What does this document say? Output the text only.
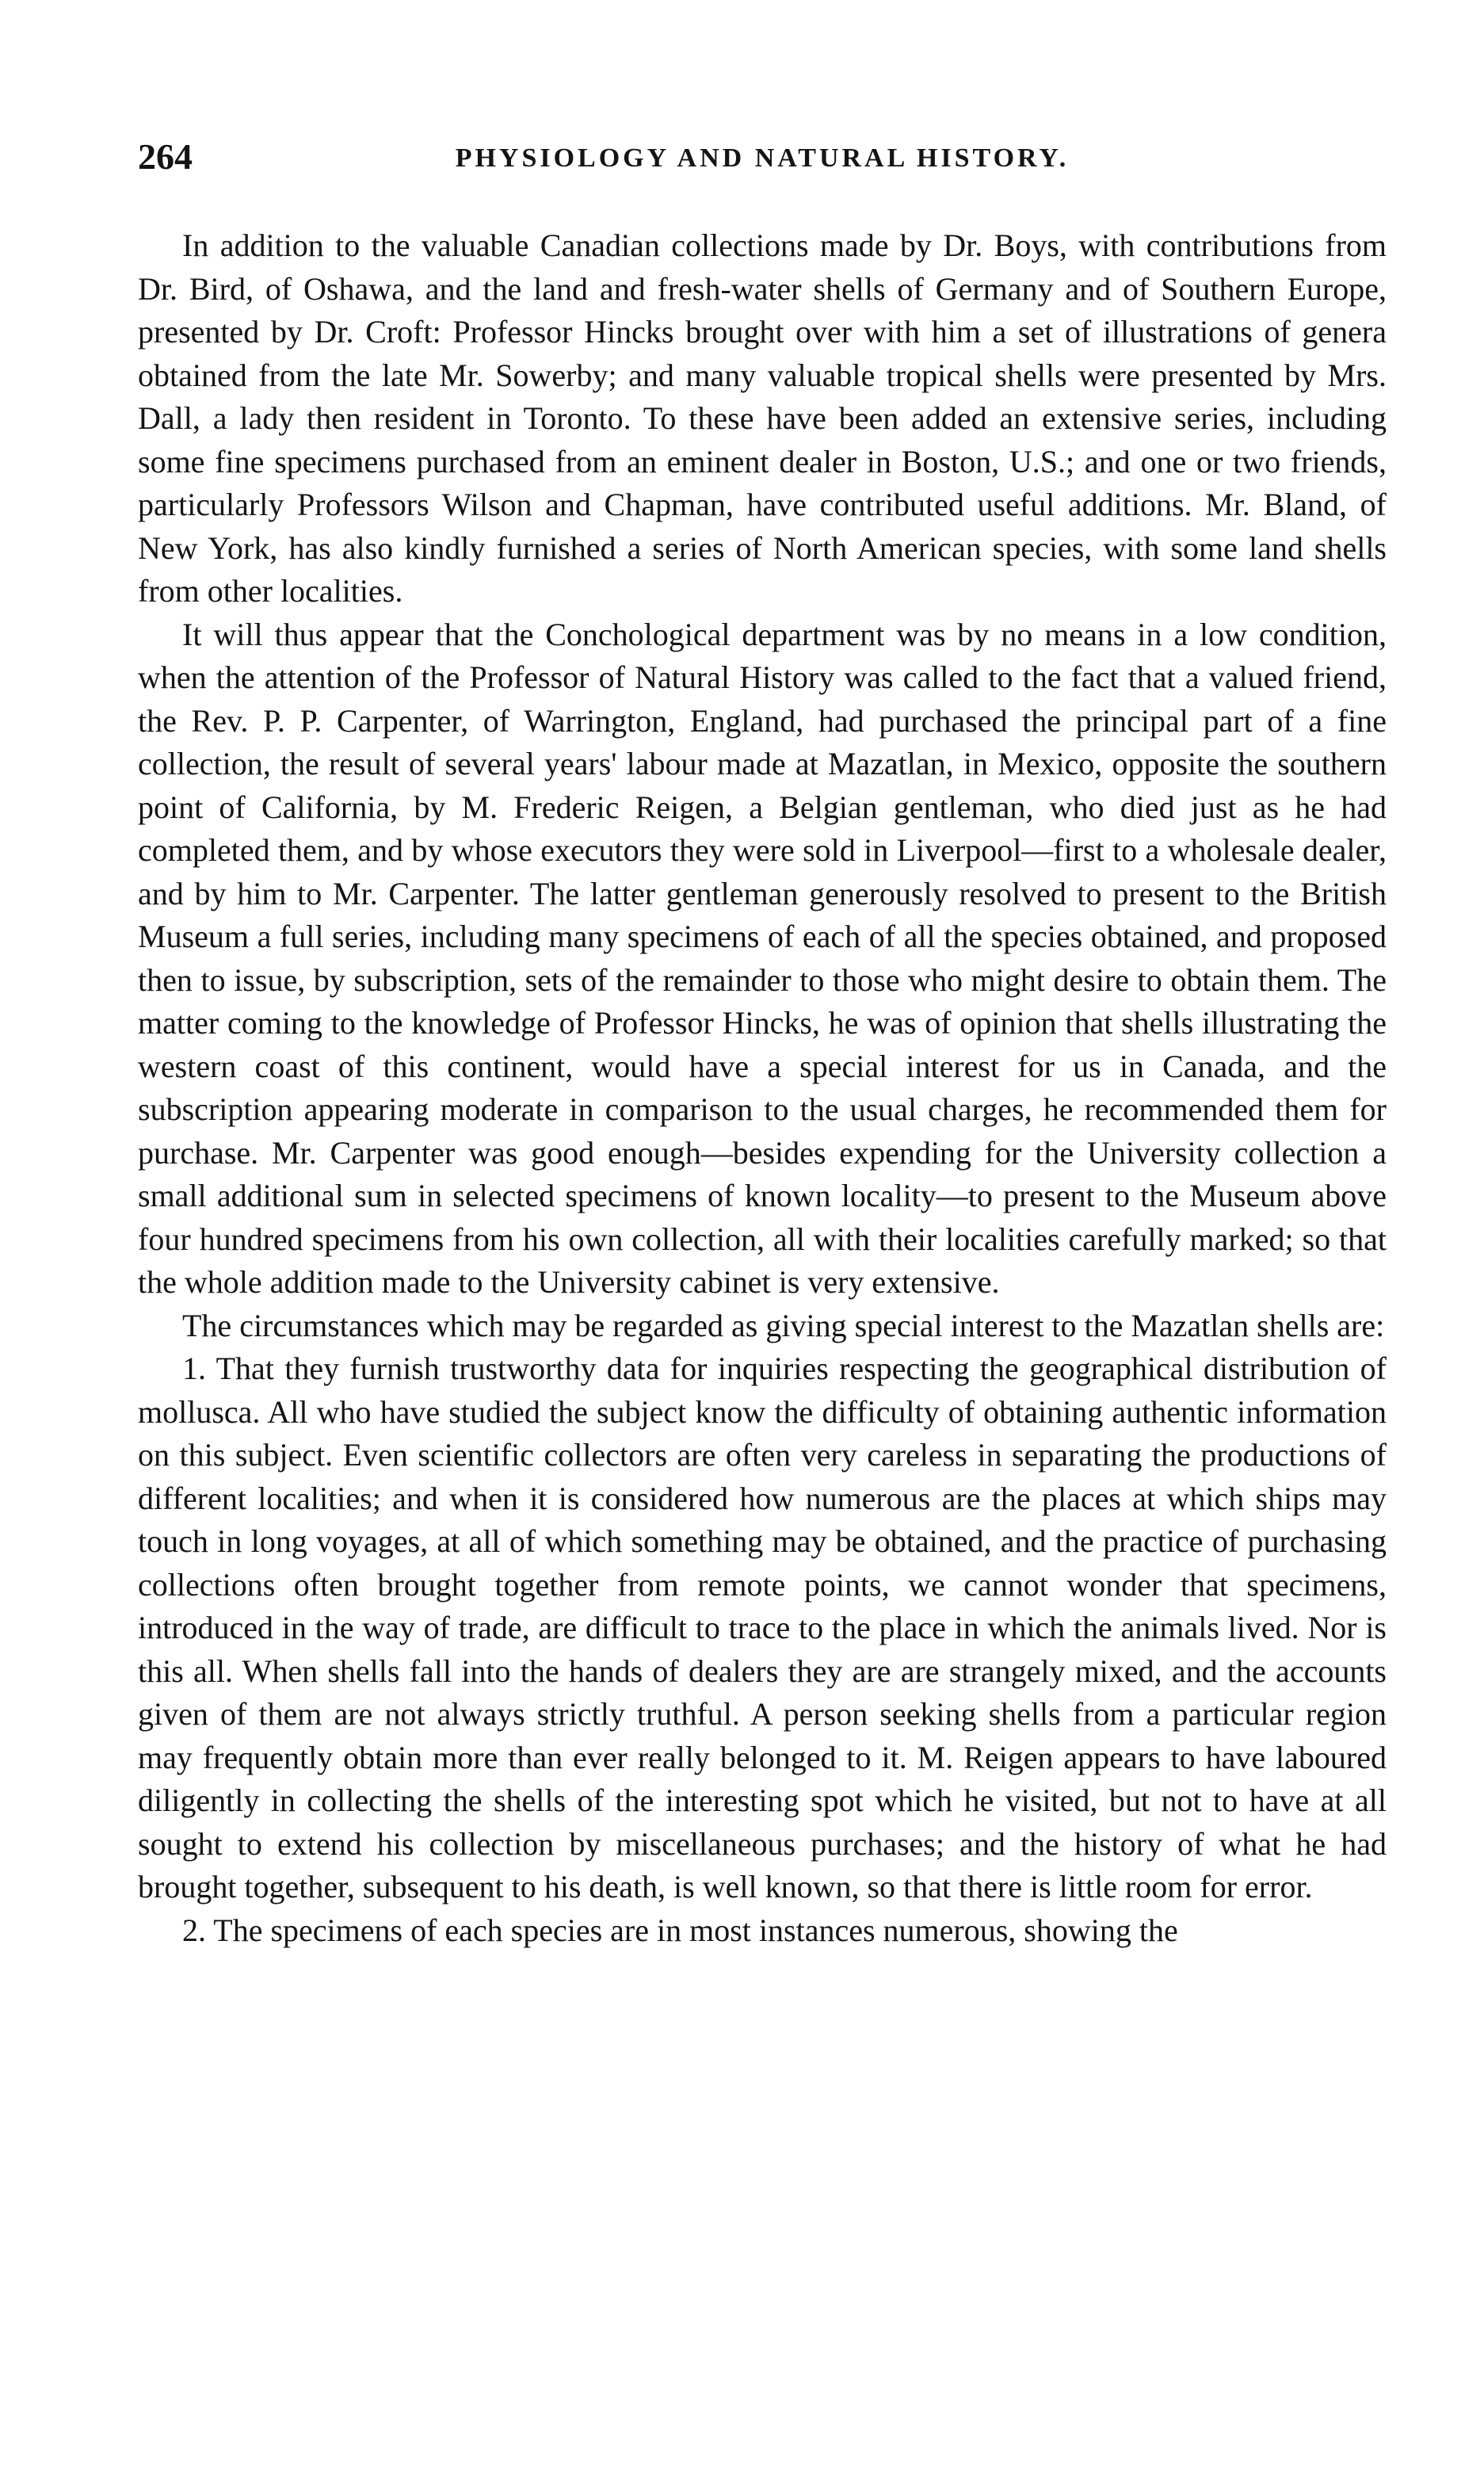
264	PHYSIOLOGY AND NATURAL HISTORY.

In addition to the valuable Canadian collections made by Dr. Boys, with contributions from Dr. Bird, of Oshawa, and the land and fresh-water shells of Germany and of Southern Europe, presented by Dr. Croft: Professor Hincks brought over with him a set of illustrations of genera obtained from the late Mr. Sowerby; and many valuable tropical shells were presented by Mrs. Dall, a lady then resident in Toronto. To these have been added an extensive series, including some fine specimens purchased from an eminent dealer in Boston, U.S.; and one or two friends, particularly Professors Wilson and Chapman, have contributed useful additions. Mr. Bland, of New York, has also kindly furnished a series of North American species, with some land shells from other localities.

It will thus appear that the Conchological department was by no means in a low condition, when the attention of the Professor of Natural History was called to the fact that a valued friend, the Rev. P. P. Carpenter, of Warrington, England, had purchased the principal part of a fine collection, the result of several years' labour made at Mazatlan, in Mexico, opposite the southern point of California, by M. Frederic Reigen, a Belgian gentleman, who died just as he had completed them, and by whose executors they were sold in Liverpool—first to a wholesale dealer, and by him to Mr. Carpenter. The latter gentleman generously resolved to present to the British Museum a full series, including many specimens of each of all the species obtained, and proposed then to issue, by subscription, sets of the remainder to those who might desire to obtain them. The matter coming to the knowledge of Professor Hincks, he was of opinion that shells illustrating the western coast of this continent, would have a special interest for us in Canada, and the subscription appearing moderate in comparison to the usual charges, he recommended them for purchase. Mr. Carpenter was good enough—besides expending for the University collection a small additional sum in selected specimens of known locality—to present to the Museum above four hundred specimens from his own collection, all with their localities carefully marked; so that the whole addition made to the University cabinet is very extensive.

The circumstances which may be regarded as giving special interest to the Mazatlan shells are:

1. That they furnish trustworthy data for inquiries respecting the geographical distribution of mollusca. All who have studied the subject know the difficulty of obtaining authentic information on this subject. Even scientific collectors are often very careless in separating the productions of different localities; and when it is considered how numerous are the places at which ships may touch in long voyages, at all of which something may be obtained, and the practice of purchasing collections often brought together from remote points, we cannot wonder that specimens, introduced in the way of trade, are difficult to trace to the place in which the animals lived. Nor is this all. When shells fall into the hands of dealers they are are strangely mixed, and the accounts given of them are not always strictly truthful. A person seeking shells from a particular region may frequently obtain more than ever really belonged to it. M. Reigen appears to have laboured diligently in collecting the shells of the interesting spot which he visited, but not to have at all sought to extend his collection by miscellaneous purchases; and the history of what he had brought together, subsequent to his death, is well known, so that there is little room for error.

2. The specimens of each species are in most instances numerous, showing the
